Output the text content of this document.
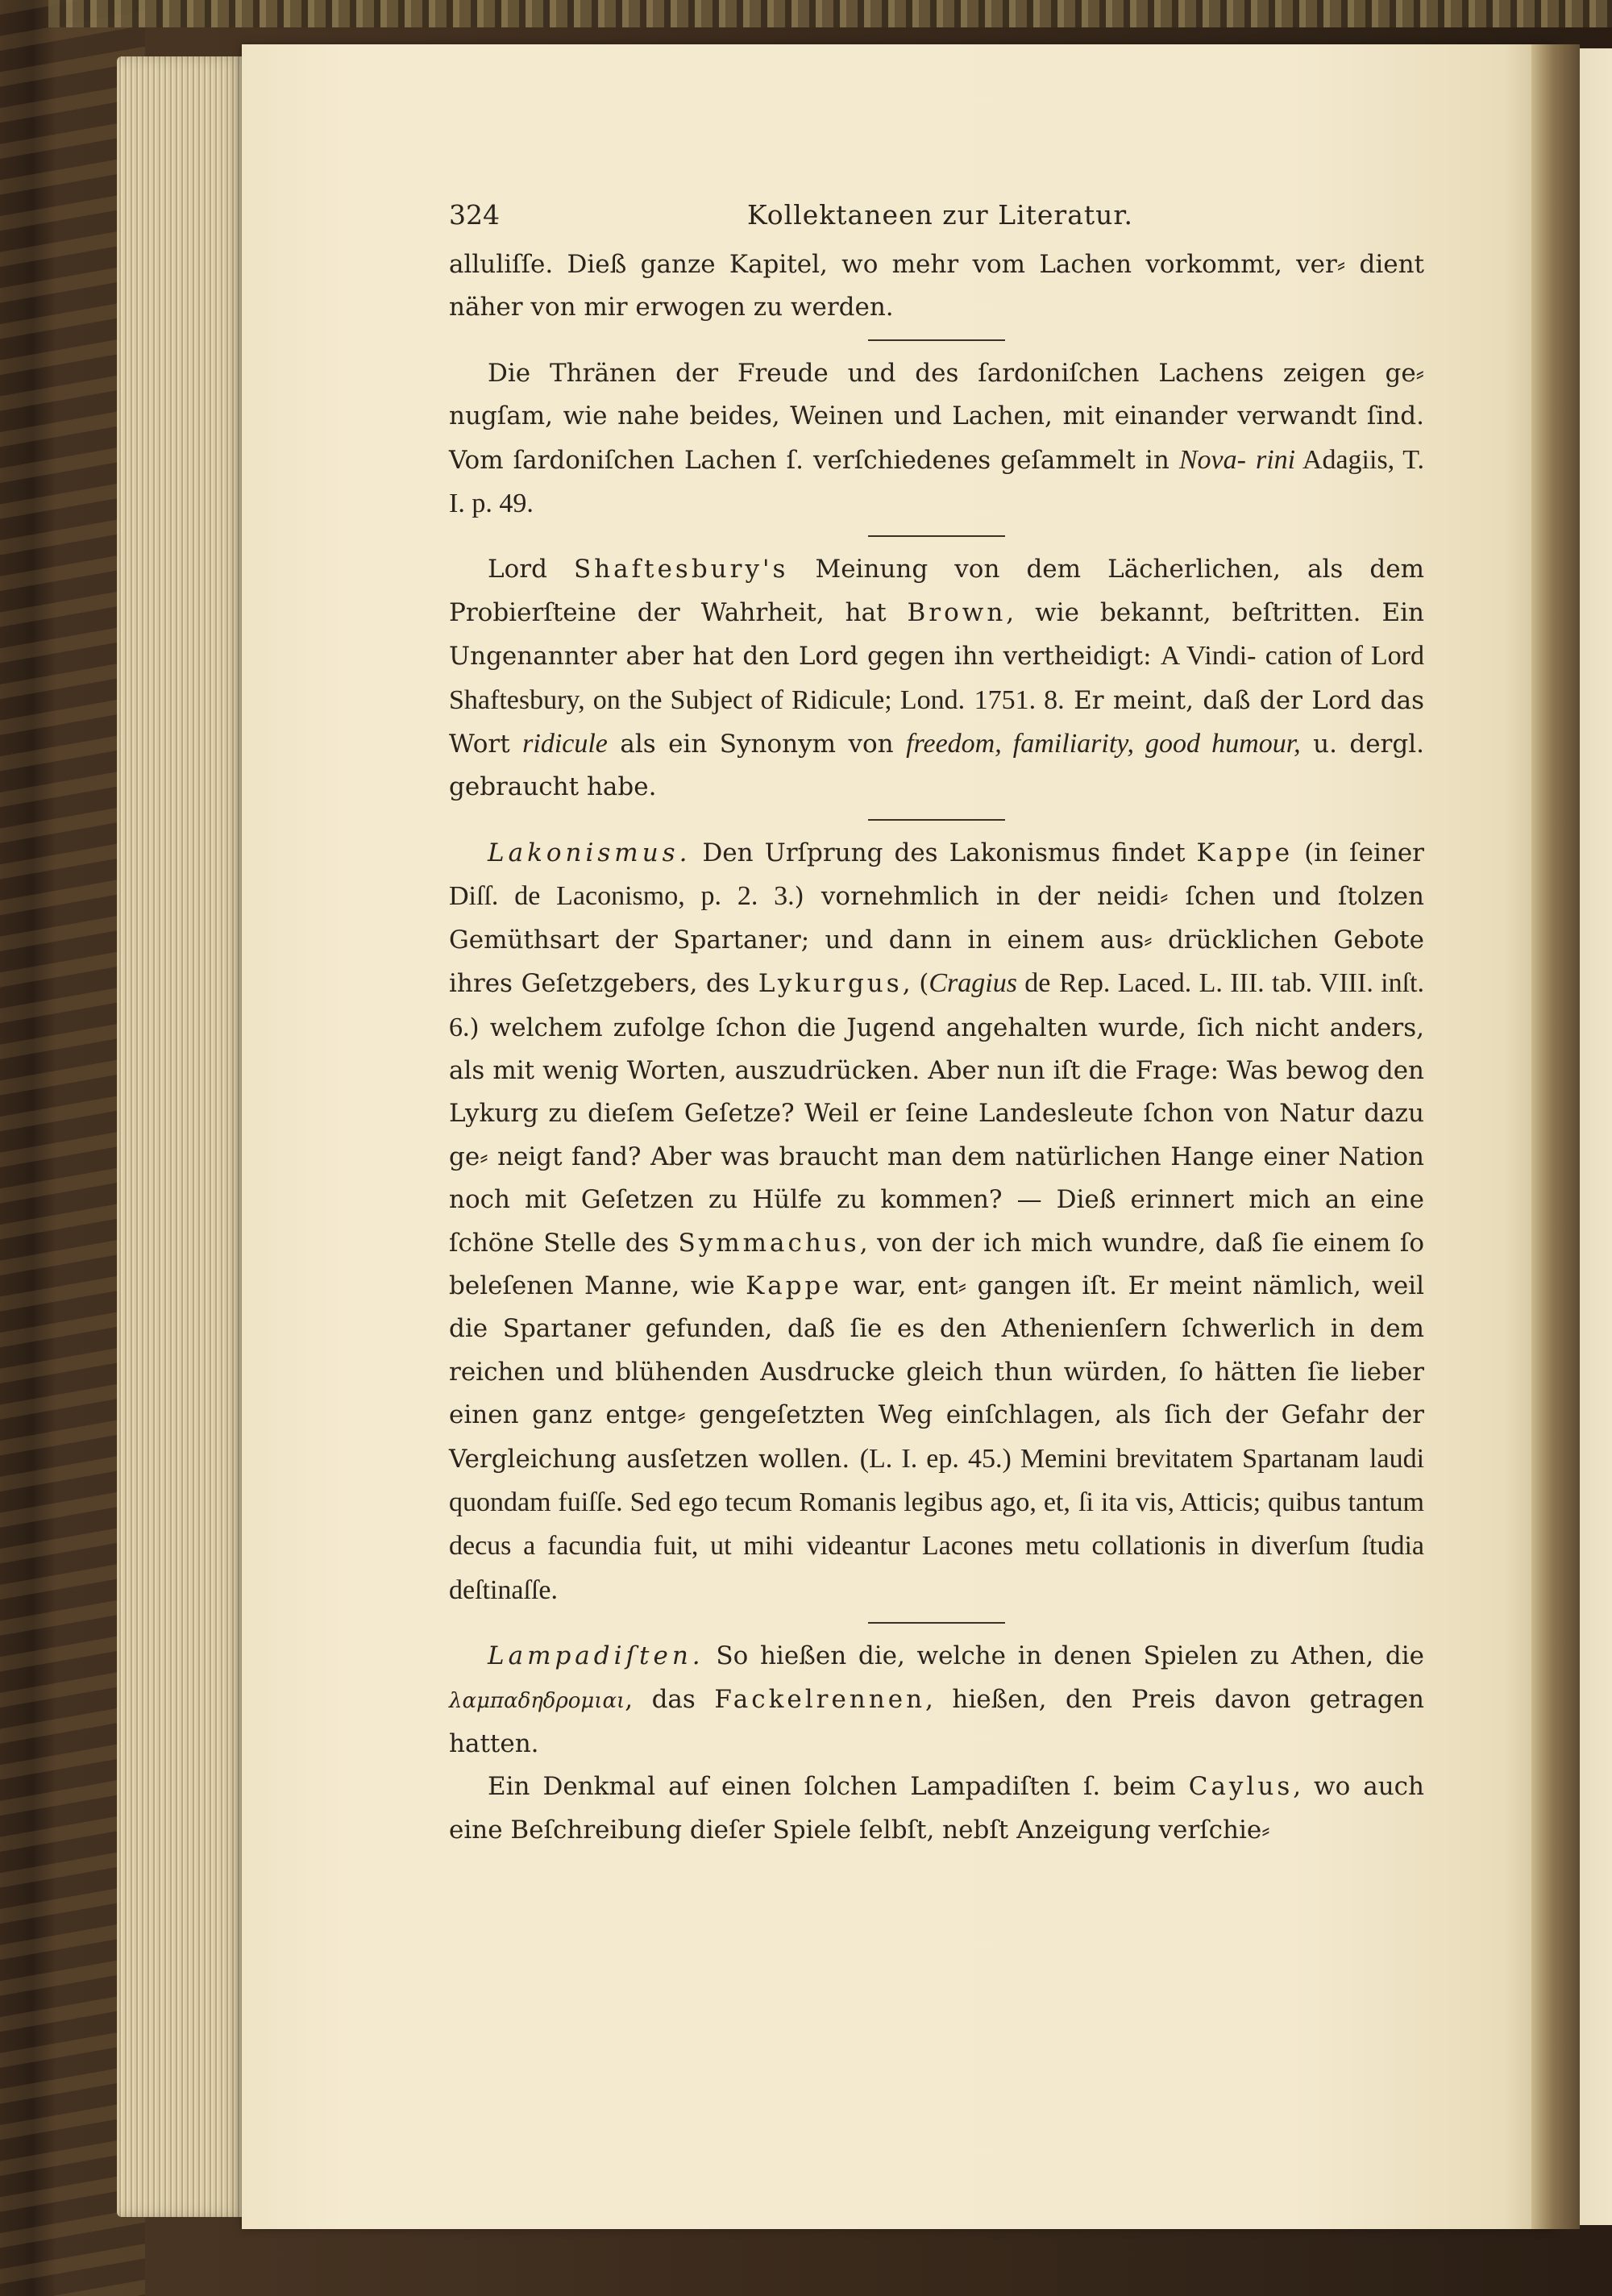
324	Kollektaneen zur Literatur.

alluliſſe. Dieß ganze Kapitel, wo mehr vom Lachen vorkommt, ver⸗ dient näher von mir erwogen zu werden.

Die Thränen der Freude und des ſardoniſchen Lachens zeigen ge⸗ nugſam, wie nahe beides, Weinen und Lachen, mit einander verwandt ſind. Vom ſardoniſchen Lachen ſ. verſchiedenes geſammelt in Nova- rini Adagiis, T. I. p. 49.

Lord Shaftesbury's Meinung von dem Lächerlichen, als dem Probierſteine der Wahrheit, hat Brown, wie bekannt, beſtritten. Ein Ungenannter aber hat den Lord gegen ihn vertheidigt: A Vindi- cation of Lord Shaftesbury, on the Subject of Ridicule; Lond. 1751. 8. Er meint, daß der Lord das Wort ridicule als ein Synonym von freedom, familiarity, good humour, u. dergl. gebraucht habe.

Lakonismus. Den Urſprung des Lakonismus findet Kappe (in ſeiner Diſſ. de Laconismo, p. 2. 3.) vornehmlich in der neidi⸗ ſchen und ſtolzen Gemüthsart der Spartaner; und dann in einem aus⸗ drücklichen Gebote ihres Geſetzgebers, des Lykurgus, (Cragius de Rep. Laced. L. III. tab. VIII. inſt. 6.) welchem zufolge ſchon die Jugend angehalten wurde, ſich nicht anders, als mit wenig Worten, auszudrücken. Aber nun iſt die Frage: Was bewog den Lykurg zu dieſem Geſetze? Weil er ſeine Landesleute ſchon von Natur dazu ge⸗ neigt fand? Aber was braucht man dem natürlichen Hange einer Nation noch mit Geſetzen zu Hülfe zu kommen? — Dieß erinnert mich an eine ſchöne Stelle des Symmachus, von der ich mich wundre, daß ſie einem ſo beleſenen Manne, wie Kappe war, ent⸗ gangen iſt. Er meint nämlich, weil die Spartaner gefunden, daß ſie es den Athenienſern ſchwerlich in dem reichen und blühenden Ausdrucke gleich thun würden, ſo hätten ſie lieber einen ganz entge⸗ gengeſetzten Weg einſchlagen, als ſich der Gefahr der Vergleichung ausſetzen wollen. (L. I. ep. 45.) Memini brevitatem Spartanam laudi quondam fuiſſe. Sed ego tecum Romanis legibus ago, et, ſi ita vis, Atticis; quibus tantum decus a facundia fuit, ut mihi videantur Lacones metu collationis in diverſum ſtudia deſtinaſſe.

Lampadiſten. So hießen die, welche in denen Spielen zu Athen, die λαμπαδηδρομιαι, das Fackelrennen, hießen, den Preis davon getragen hatten.

Ein Denkmal auf einen ſolchen Lampadiſten ſ. beim Caylus, wo auch eine Beſchreibung dieſer Spiele ſelbſt, nebſt Anzeigung verſchie⸗
